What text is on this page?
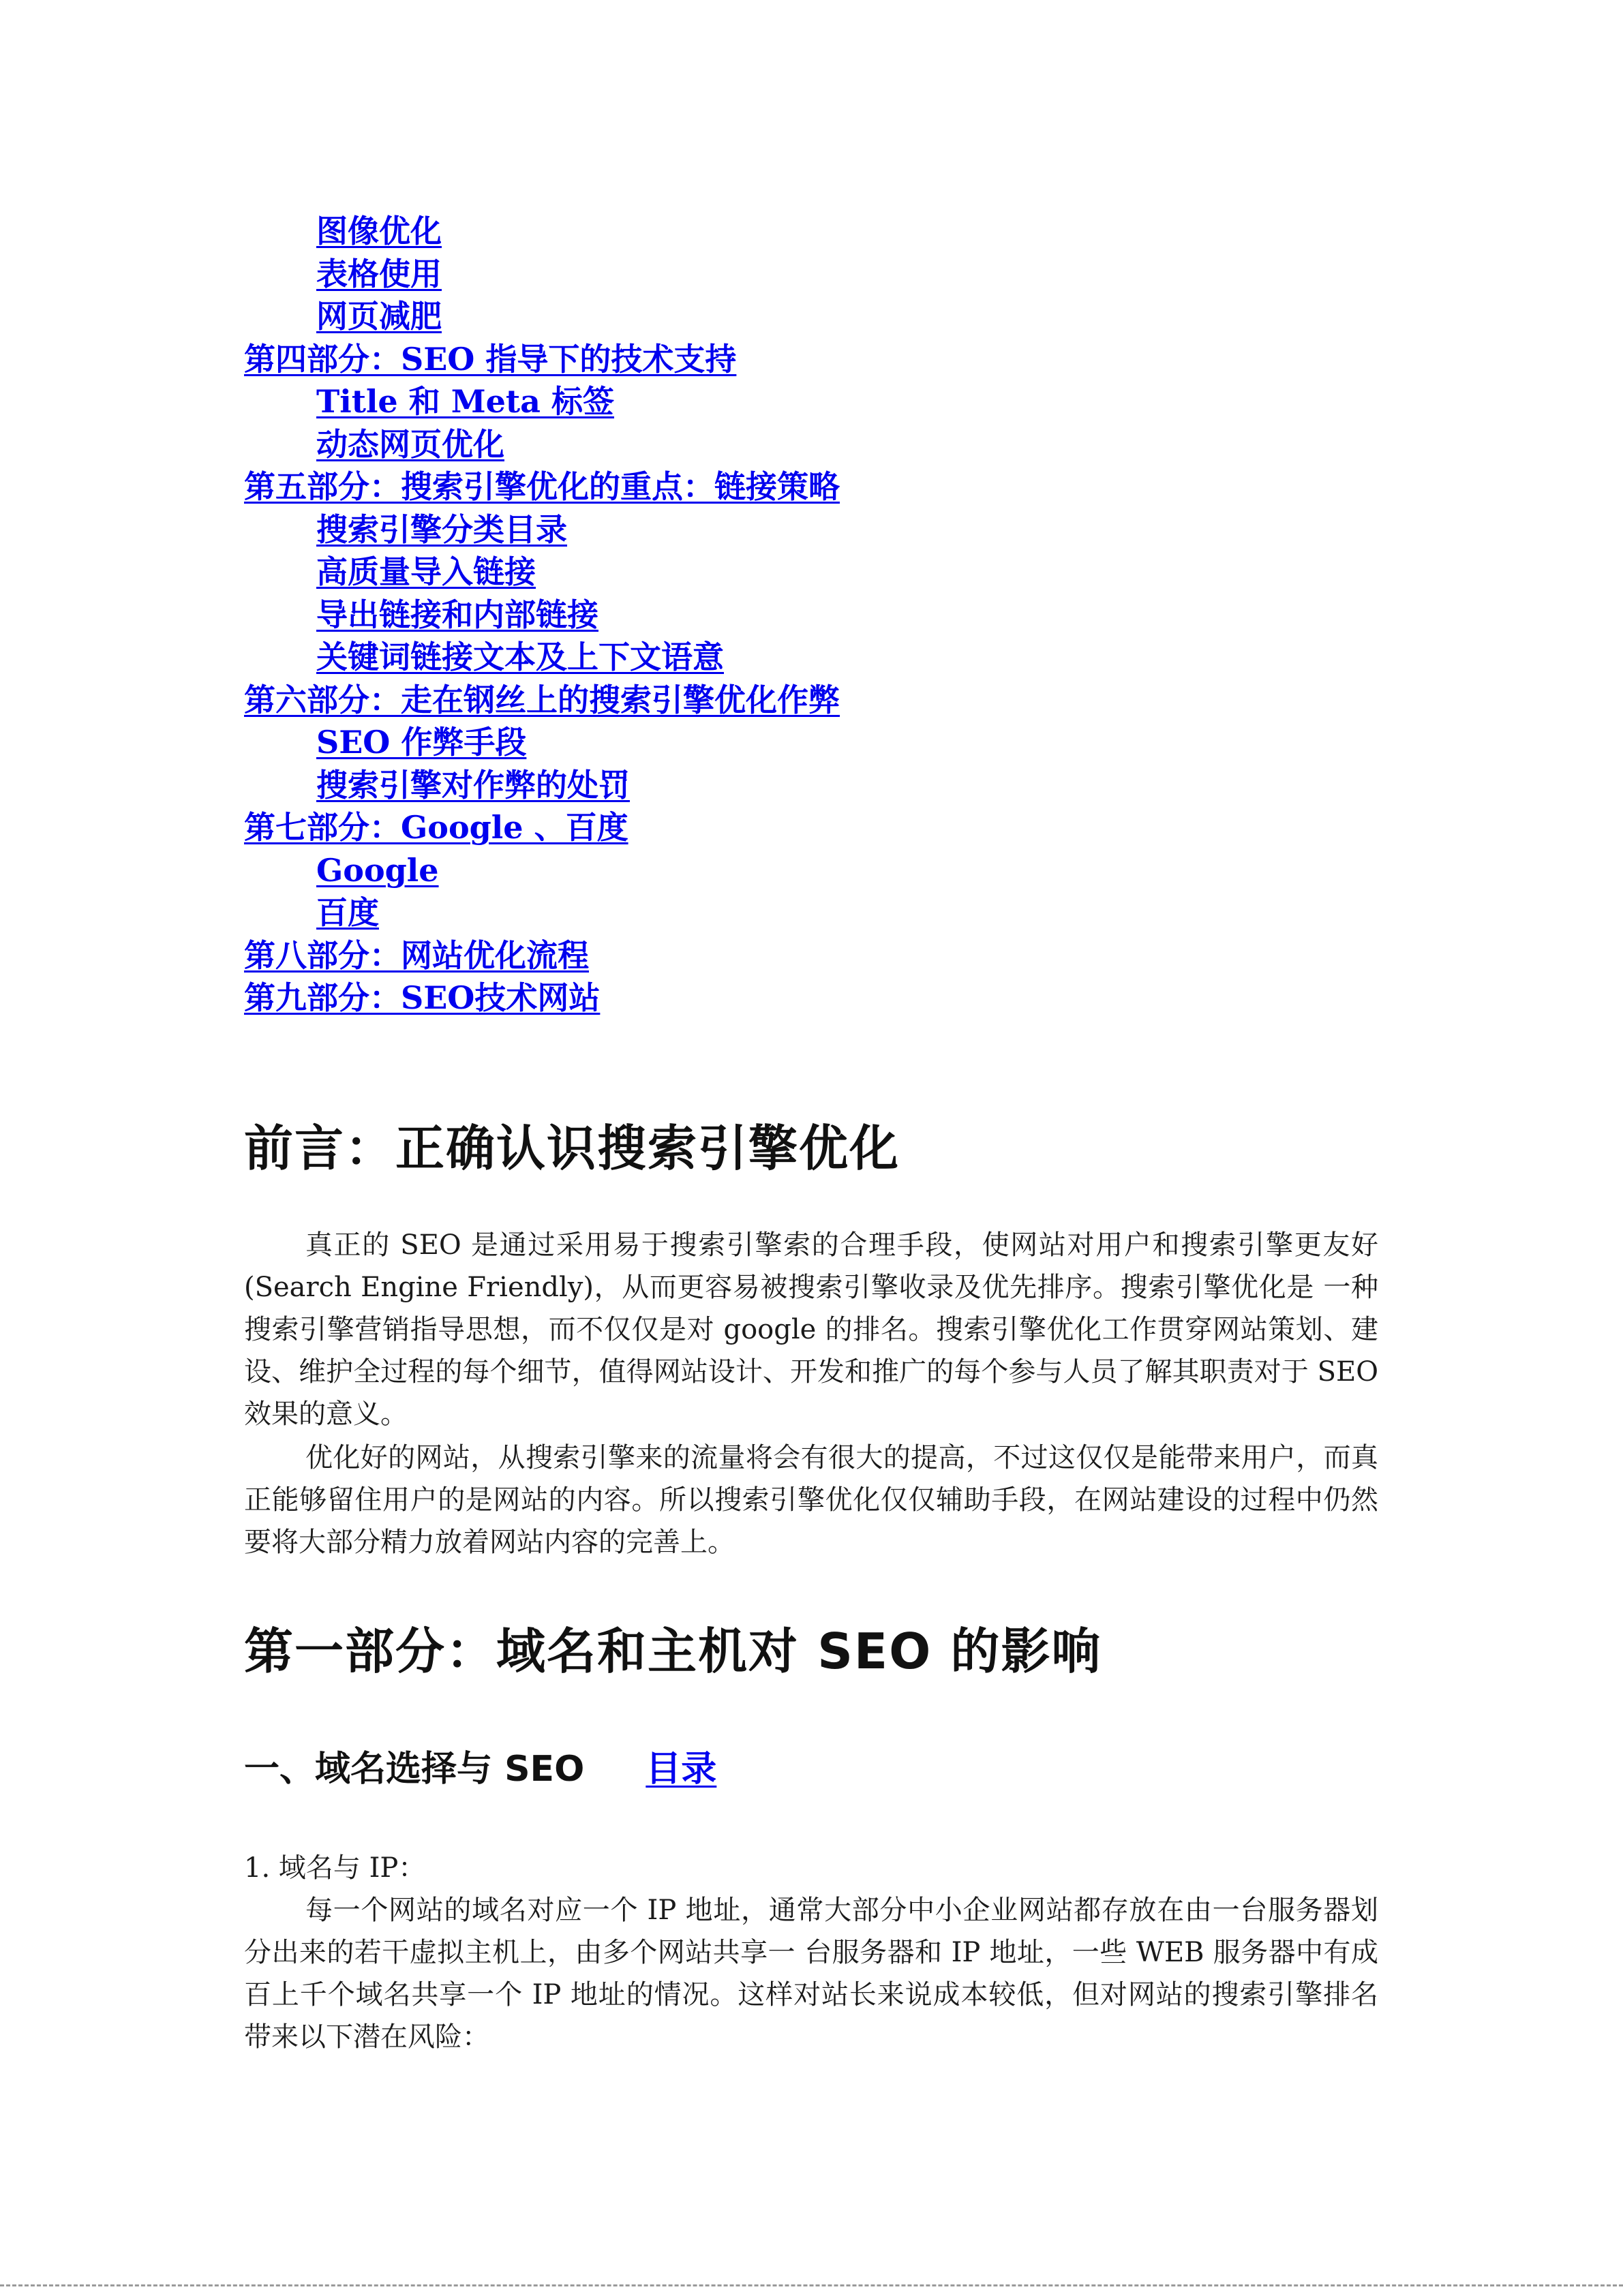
图像优化
表格使用
网页减肥
第四部分：SEO 指导下的技术支持
Title 和 Meta 标签
动态网页优化
第五部分：搜索引擎优化的重点：链接策略
搜索引擎分类目录
高质量导入链接
导出链接和内部链接
关键词链接文本及上下文语意
第六部分：走在钢丝上的搜索引擎优化作弊
SEO 作弊手段
搜索引擎对作弊的处罚
第七部分：Google 、百度
Google
百度
第八部分：网站优化流程
第九部分：SEO技术网站
前言：正确认识搜索引擎优化

真正的 SEO 是通过采用易于搜索引擎索的合理手段，使网站对用户和搜索引擎更友好 (Search Engine Friendly)，从而更容易被搜索引擎收录及优先排序。搜索引擎优化是 一种搜索引擎营销指导思想，而不仅仅是对 google 的排名。搜索引擎优化工作贯穿网站策划、建设、维护全过程的每个细节，值得网站设计、开发和推广的每个参与人员了解其职责对于 SEO 效果的意义。

优化好的网站，从搜索引擎来的流量将会有很大的提高，不过这仅仅是能带来用户，而真正能够留住用户的是网站的内容。所以搜索引擎优化仅仅辅助手段，在网站建设的过程中仍然要将大部分精力放着网站内容的完善上。

第一部分：域名和主机对 SEO 的影响
一、域名选择与 SEO 目录

1. 域名与 IP：

每一个网站的域名对应一个 IP 地址，通常大部分中小企业网站都存放在由一台服务器划分出来的若干虚拟主机上，由多个网站共享一 台服务器和 IP 地址，一些 WEB 服务器中有成百上千个域名共享一个 IP 地址的情况。这样对站长来说成本较低，但对网站的搜索引擎排名带来以下潜在风险：
